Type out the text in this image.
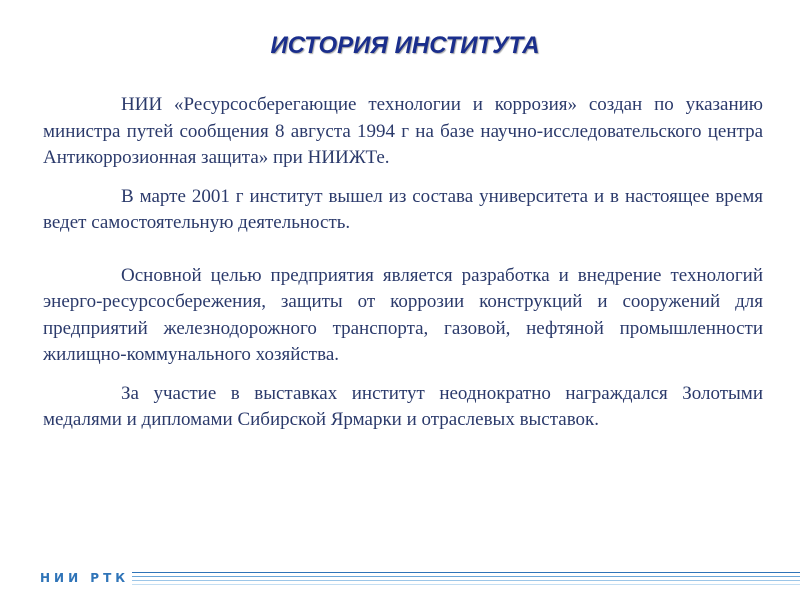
ИСТОРИЯ ИНСТИТУТА

НИИ «Ресурсосберегающие технологии и коррозия» создан по указанию министра путей сообщения 8 августа 1994 г на базе научно-исследовательского центра Антикоррозионная защита» при НИИЖТе.

В марте 2001 г институт вышел из состава университета и в настоящее время ведет самостоятельную деятельность.

Основной целью предприятия является разработка и внедрение технологий энерго-ресурсосбережения, защиты от коррозии конструкций и сооружений для предприятий железнодорожного транспорта, газовой, нефтяной промышленности жилищно-коммунального хозяйства.

За участие в выставках институт неоднократно награждался Золотыми медалями и дипломами Сибирской Ярмарки и отраслевых выставок.

НИИ РТК
